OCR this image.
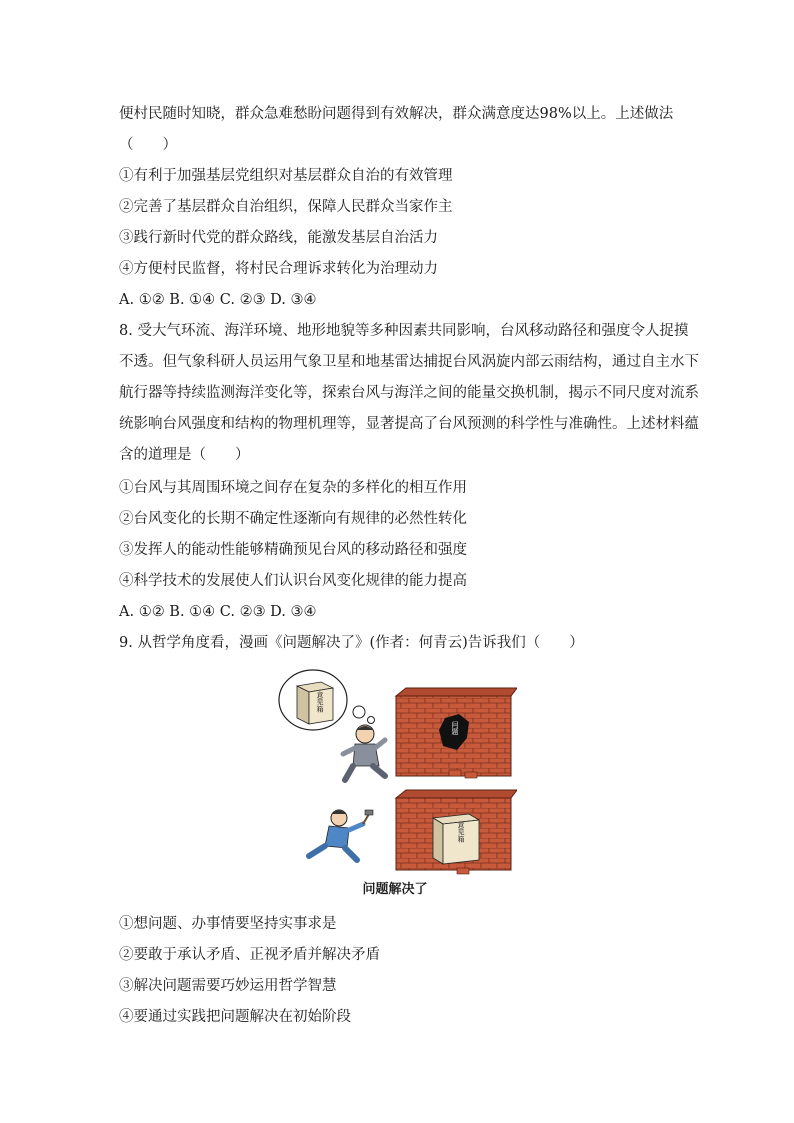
便村民随时知晓，群众急难愁盼问题得到有效解决，群众满意度达98%以上。上述做法
（　　）
①有利于加强基层党组织对基层群众自治的有效管理
②完善了基层群众自治组织，保障人民群众当家作主
③践行新时代党的群众路线，能激发基层自治活力
④方便村民监督，将村民合理诉求转化为治理动力
A. ①② B. ①④ C. ②③ D. ③④
8. 受大气环流、海洋环境、地形地貌等多种因素共同影响，台风移动路径和强度令人捉摸
不透。但气象科研人员运用气象卫星和地基雷达捕捉台风涡旋内部云雨结构，通过自主水下
航行器等持续监测海洋变化等，探索台风与海洋之间的能量交换机制，揭示不同尺度对流系
统影响台风强度和结构的物理机理等，显著提高了台风预测的科学性与准确性。上述材料蕴
含的道理是（　　）
①台风与其周围环境之间存在复杂的多样化的相互作用
②台风变化的长期不确定性逐渐向有规律的必然性转化
③发挥人的能动性能够精确预见台风的移动路径和强度
④科学技术的发展使人们认识台风变化规律的能力提高
A. ①② B. ①④ C. ②③ D. ③④
9. 从哲学角度看，漫画《问题解决了》(作者：何青云)告诉我们（　　）
意见箱
问题
意见箱
问题解决了
①想问题、办事情要坚持实事求是
②要敢于承认矛盾、正视矛盾并解决矛盾
③解决问题需要巧妙运用哲学智慧
④要通过实践把问题解决在初始阶段
